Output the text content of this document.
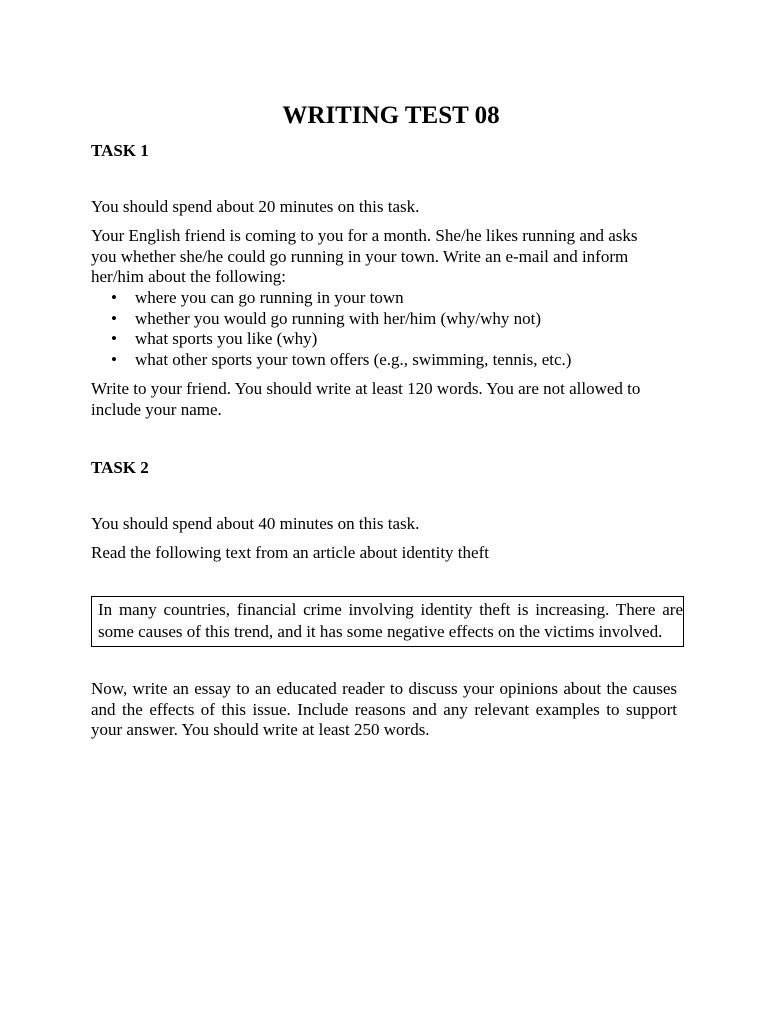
WRITING TEST 08

TASK 1

You should spend about 20 minutes on this task.

Your English friend is coming to you for a month. She/he likes running and asks you whether she/he could go running in your town. Write an e-mail and inform her/him about the following:

• where you can go running in your town
• whether you would go running with her/him (why/why not)
• what sports you like (why)
• what other sports your town offers (e.g., swimming, tennis, etc.)

Write to your friend. You should write at least 120 words. You are not allowed to include your name.

TASK 2

You should spend about 40 minutes on this task.

Read the following text from an article about identity theft

In many countries, financial crime involving identity theft is increasing. There are some causes of this trend, and it has some negative effects on the victims involved.

Now, write an essay to an educated reader to discuss your opinions about the causes and the effects of this issue. Include reasons and any relevant examples to support your answer. You should write at least 250 words.
